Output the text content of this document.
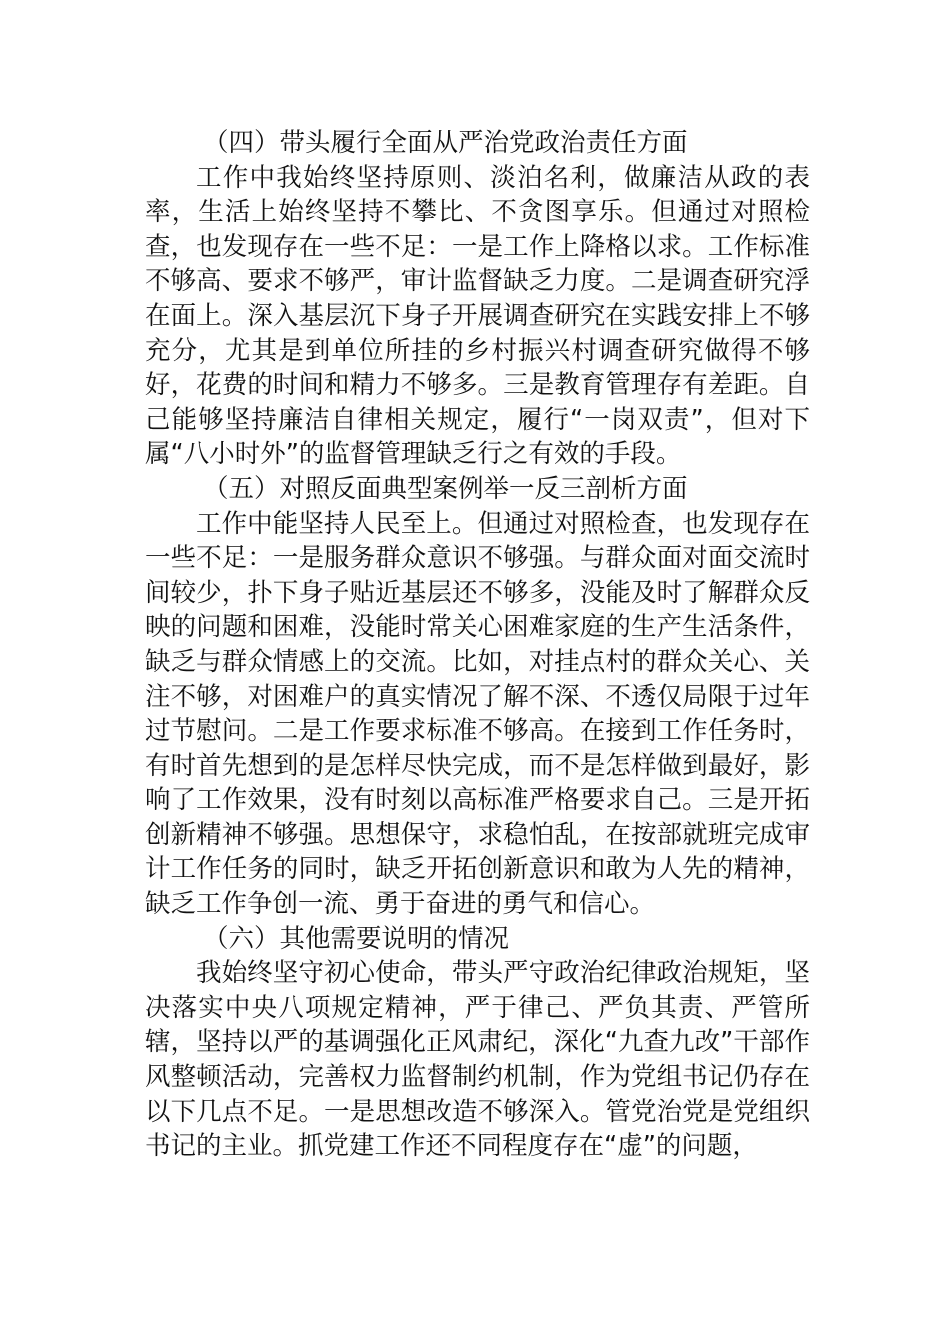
（四）带头履行全面从严治党政治责任方面

工作中我始终坚持原则、淡泊名利，做廉洁从政的表率，生活上始终坚持不攀比、不贪图享乐。但通过对照检查，也发现存在一些不足：一是工作上降格以求。工作标准不够高、要求不够严，审计监督缺乏力度。二是调查研究浮在面上。深入基层沉下身子开展调查研究在实践安排上不够充分，尤其是到单位所挂的乡村振兴村调查研究做得不够好，花费的时间和精力不够多。三是教育管理存有差距。自己能够坚持廉洁自律相关规定，履行“一岗双责”，但对下属“八小时外”的监督管理缺乏行之有效的手段。

（五）对照反面典型案例举一反三剖析方面

工作中能坚持人民至上。但通过对照检查，也发现存在一些不足：一是服务群众意识不够强。与群众面对面交流时间较少，扑下身子贴近基层还不够多，没能及时了解群众反映的问题和困难，没能时常关心困难家庭的生产生活条件，缺乏与群众情感上的交流。比如，对挂点村的群众关心、关注不够，对困难户的真实情况了解不深、不透仅局限于过年过节慰问。二是工作要求标准不够高。在接到工作任务时，有时首先想到的是怎样尽快完成，而不是怎样做到最好，影响了工作效果，没有时刻以高标准严格要求自己。三是开拓创新精神不够强。思想保守，求稳怕乱，在按部就班完成审计工作任务的同时，缺乏开拓创新意识和敢为人先的精神，缺乏工作争创一流、勇于奋进的勇气和信心。

（六）其他需要说明的情况

我始终坚守初心使命，带头严守政治纪律政治规矩，坚决落实中央八项规定精神，严于律己、严负其责、严管所辖，坚持以严的基调强化正风肃纪，深化“九查九改”干部作风整顿活动，完善权力监督制约机制，作为党组书记仍存在以下几点不足。一是思想改造不够深入。管党治党是党组织书记的主业。抓党建工作还不同程度存在“虚”的问题，
